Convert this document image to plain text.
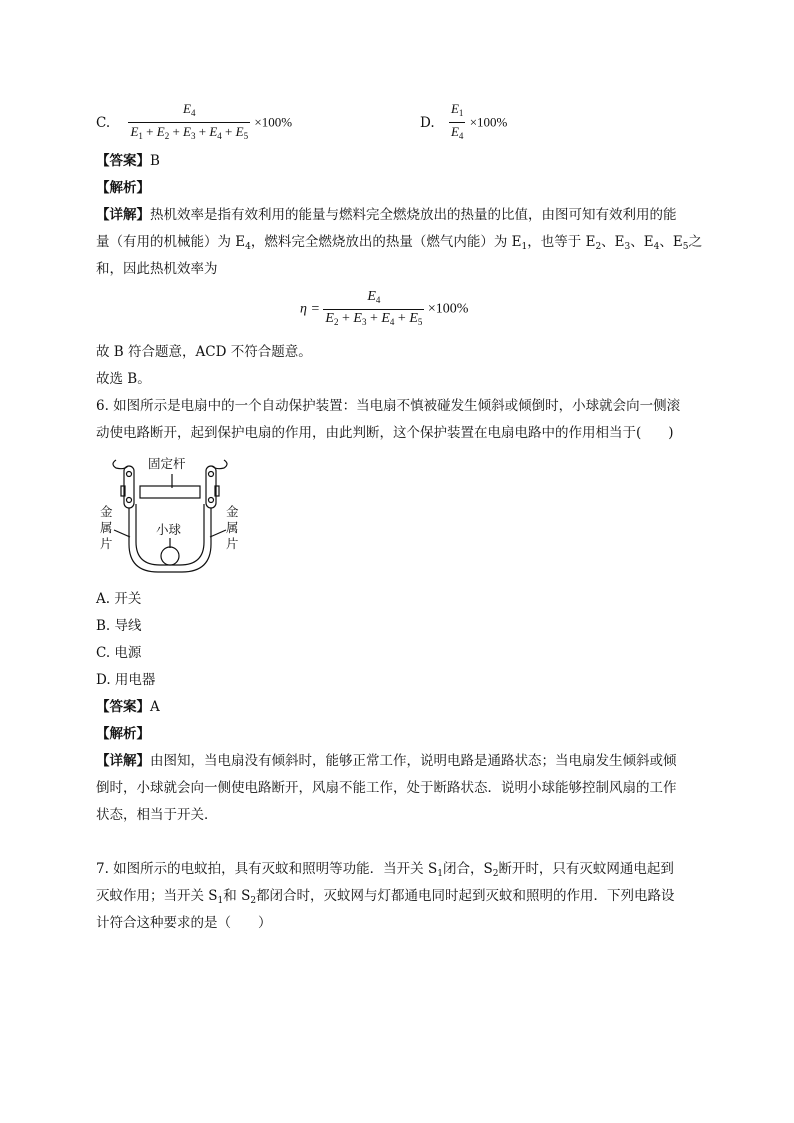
C. $\frac{E_4}{E_1 + E_2 + E_3 + E_4 + E_5} \times 100\%$	D. $\frac{E_1}{E_4} \times 100\%$
【答案】B
【解析】
【详解】热机效率是指有效利用的能量与燃料完全燃烧放出的热量的比值，由图可知有效利用的能
量（有用的机械能）为 $E_4$，燃料完全燃烧放出的热量（燃气内能）为 $E_1$，也等于 $E_2$、$E_3$、$E_4$、$E_5$之
和，因此热机效率为
$\eta = \frac{E_4}{E_2 + E_3 + E_4 + E_5} \times 100\%$
故 B 符合题意，ACD 不符合题意。
故选 B。
6. 如图所示是电扇中的一个自动保护装置：当电扇不慎被碰发生倾斜或倾倒时，小球就会向一侧滚
动使电路断开，起到保护电扇的作用，由此判断，这个保护装置在电扇电路中的作用相当于(　　)
固定杆
小球
金
属
片
金
属
片
A. 开关
B. 导线
C. 电源
D. 用电器
【答案】A
【解析】
【详解】由图知，当电扇没有倾斜时，能够正常工作，说明电路是通路状态；当电扇发生倾斜或倾
倒时，小球就会向一侧使电路断开，风扇不能工作，处于断路状态．说明小球能够控制风扇的工作
状态，相当于开关．
7. 如图所示的电蚊拍，具有灭蚊和照明等功能．当开关 $S_1$闭合，$S_2$断开时，只有灭蚊网通电起到
灭蚊作用；当开关 $S_1$和 $S_2$都闭合时，灭蚊网与灯都通电同时起到灭蚊和照明的作用．下列电路设
计符合这种要求的是（　　）
